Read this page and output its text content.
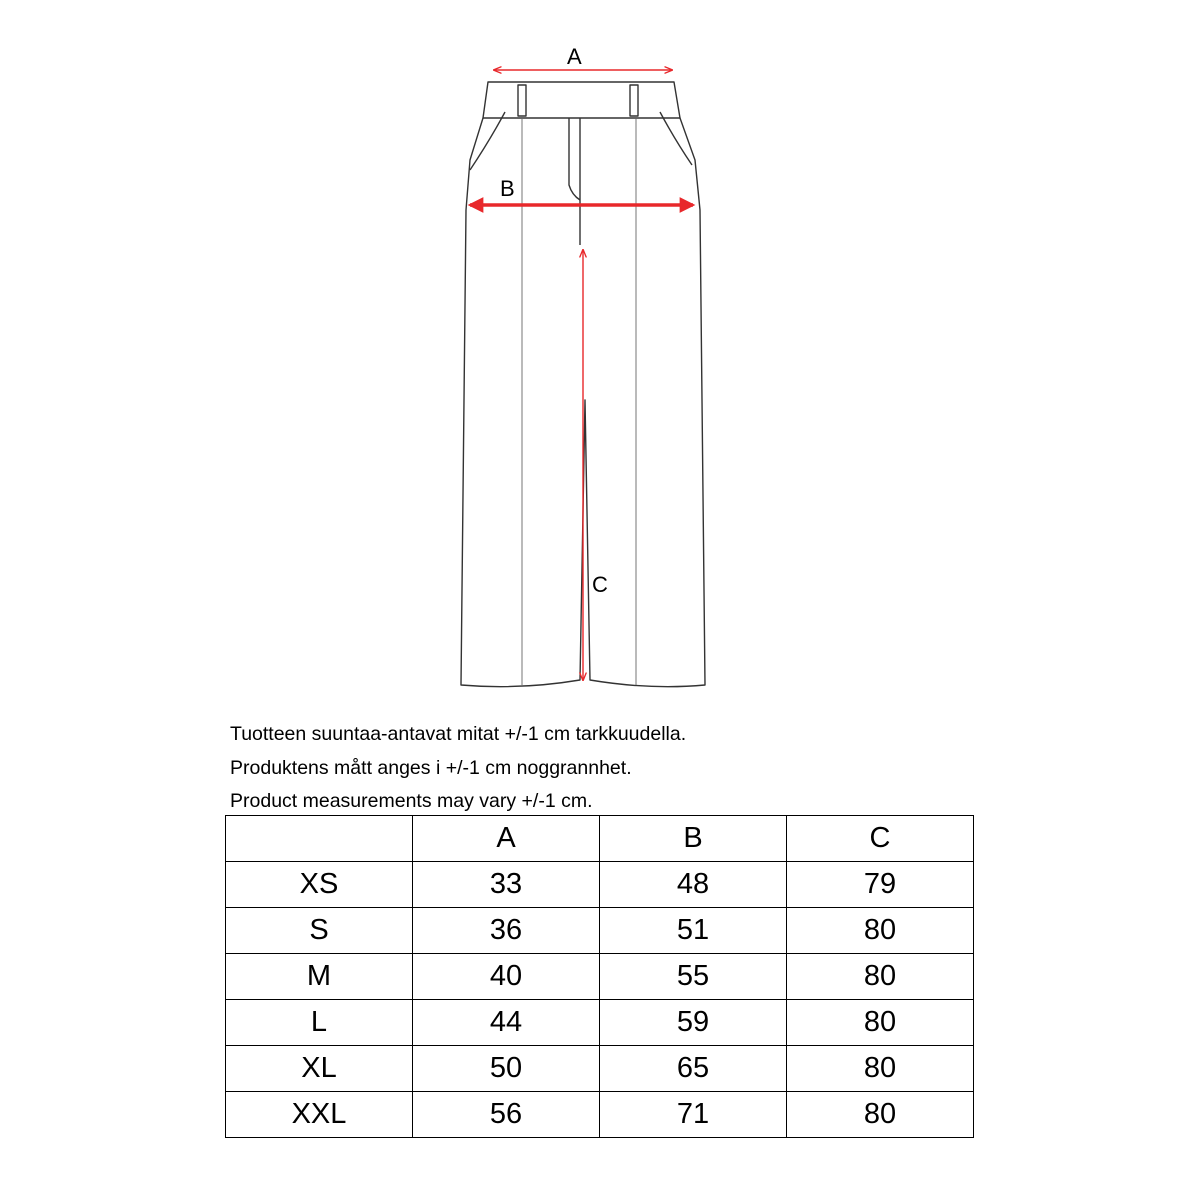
A
B
C
Tuotteen suuntaa-antavat mitat +/-1 cm tarkkuudella.
Produktens mått anges i +/-1 cm noggrannhet.
Product measurements may vary +/-1 cm.
	A	B	C
XS	33	48	79
S	36	51	80
M	40	55	80
L	44	59	80
XL	50	65	80
XXL	56	71	80
